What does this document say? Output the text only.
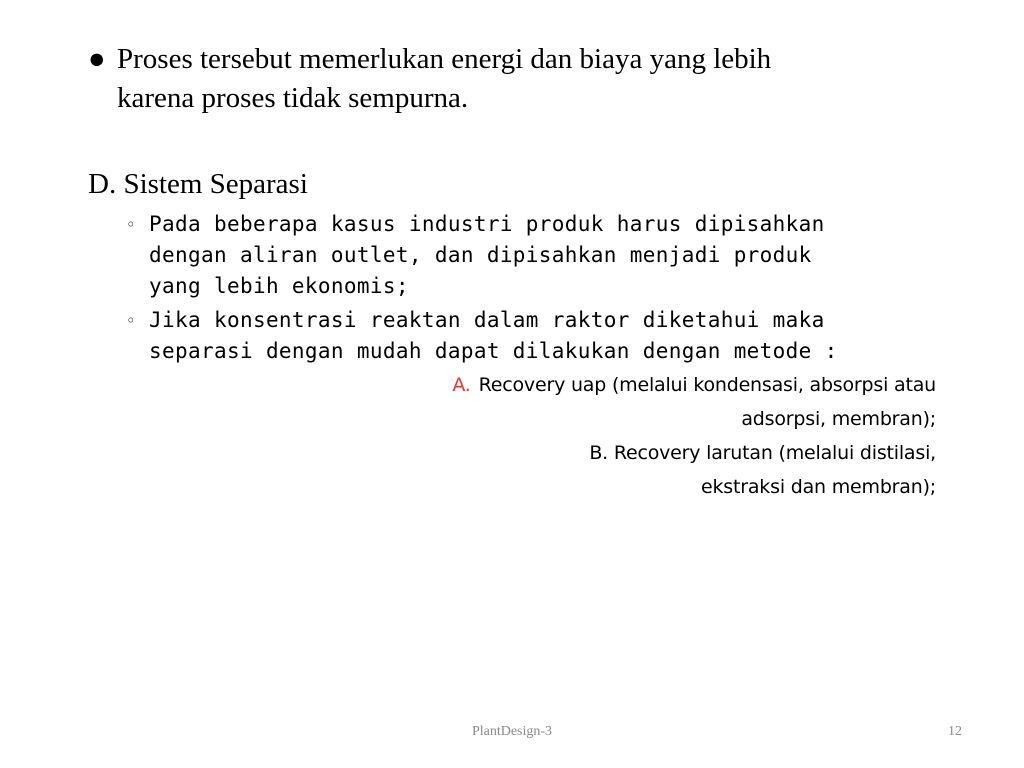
● Proses tersebut memerlukan energi dan biaya yang lebih
karena proses tidak sempurna.
D. Sistem Separasi
◦ Pada beberapa kasus industri produk harus dipisahkan
dengan aliran outlet, dan dipisahkan menjadi produk
yang lebih ekonomis;
◦ Jika konsentrasi reaktan dalam raktor diketahui maka
separasi dengan mudah dapat dilakukan dengan metode :
A. Recovery uap (melalui kondensasi, absorpsi atau
adsorpsi, membran);
B. Recovery larutan (melalui distilasi,
ekstraksi dan membran);
PlantDesign-3	12
